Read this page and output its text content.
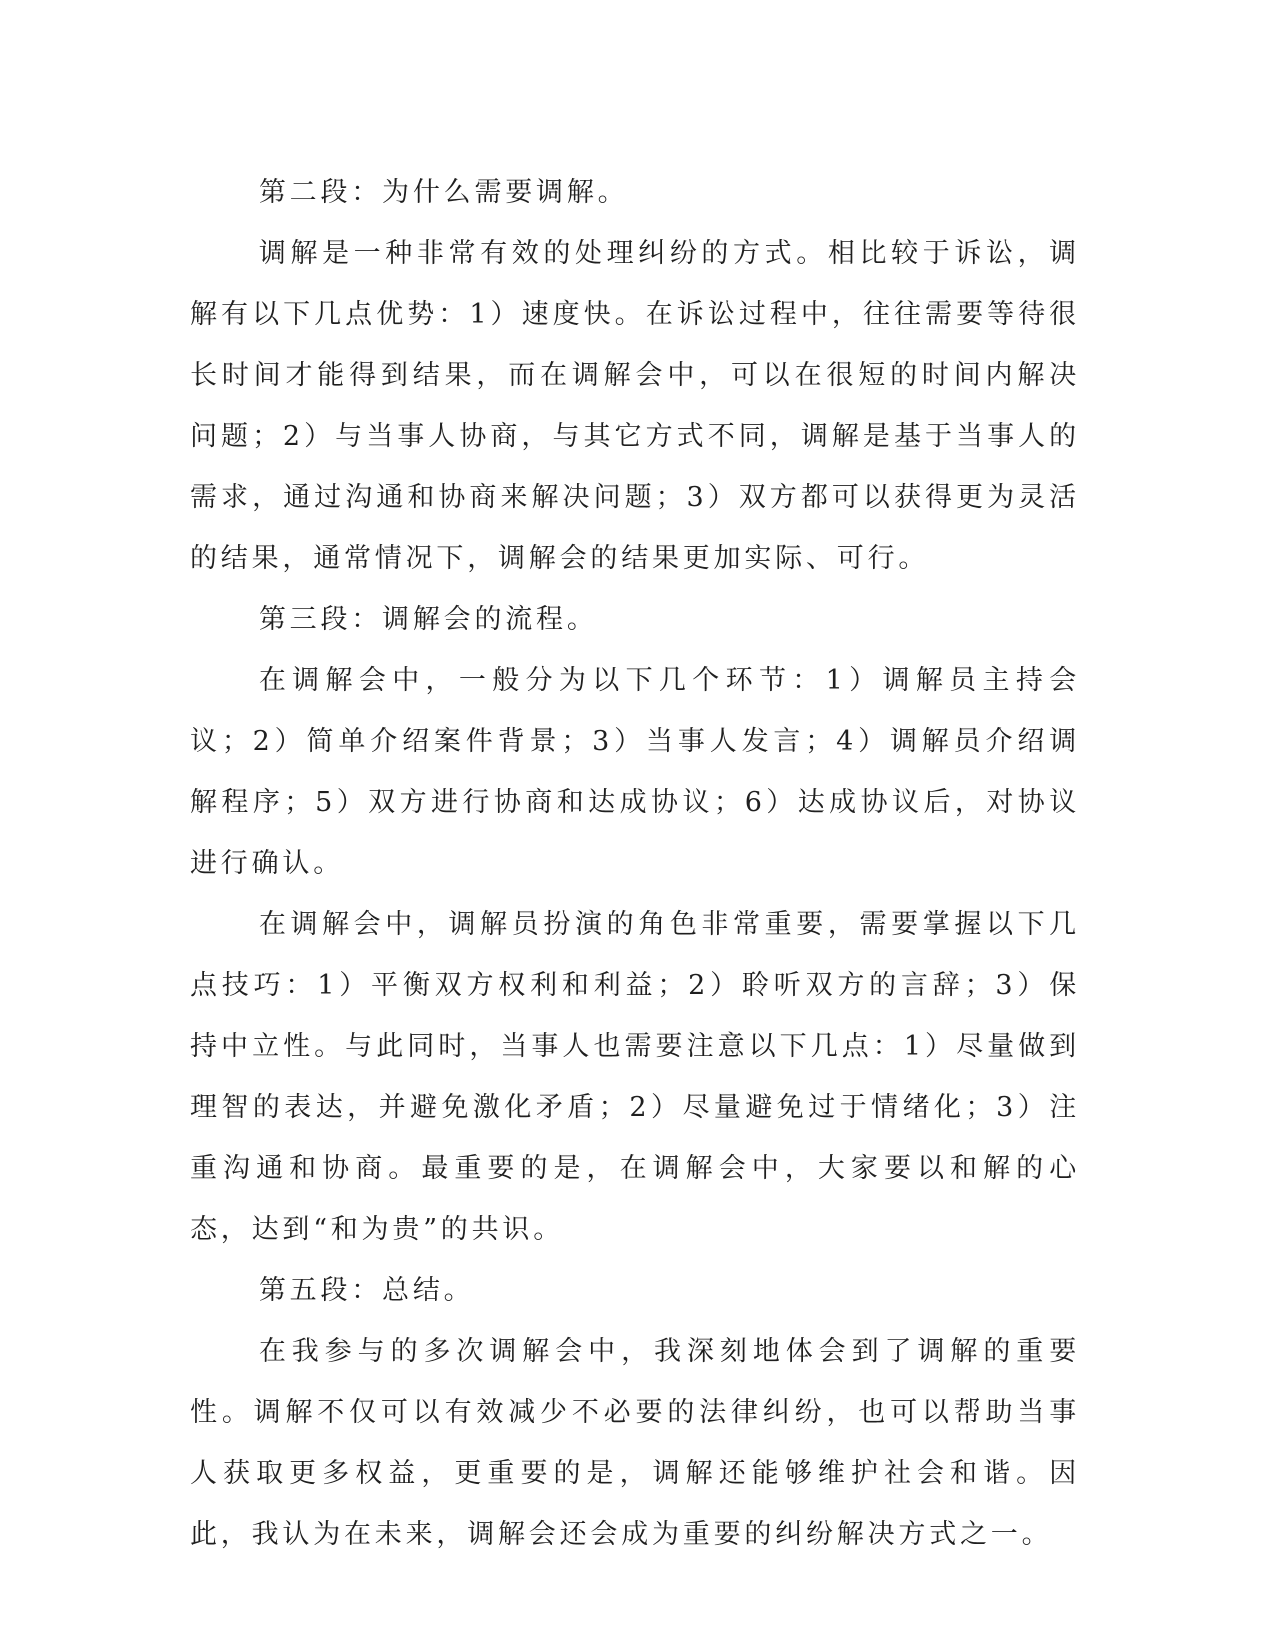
第二段：为什么需要调解。

调解是一种非常有效的处理纠纷的方式。相比较于诉讼，调解有以下几点优势：1）速度快。在诉讼过程中，往往需要等待很长时间才能得到结果，而在调解会中，可以在很短的时间内解决问题；2）与当事人协商，与其它方式不同，调解是基于当事人的需求，通过沟通和协商来解决问题；3）双方都可以获得更为灵活的结果，通常情况下，调解会的结果更加实际、可行。

第三段：调解会的流程。

在调解会中，一般分为以下几个环节：1）调解员主持会议；2）简单介绍案件背景；3）当事人发言；4）调解员介绍调解程序；5）双方进行协商和达成协议；6）达成协议后，对协议进行确认。

在调解会中，调解员扮演的角色非常重要，需要掌握以下几点技巧：1）平衡双方权利和利益；2）聆听双方的言辞；3）保持中立性。与此同时，当事人也需要注意以下几点：1）尽量做到理智的表达，并避免激化矛盾；2）尽量避免过于情绪化；3）注重沟通和协商。最重要的是，在调解会中，大家要以和解的心态，达到“和为贵”的共识。

第五段：总结。

在我参与的多次调解会中，我深刻地体会到了调解的重要性。调解不仅可以有效减少不必要的法律纠纷，也可以帮助当事人获取更多权益，更重要的是，调解还能够维护社会和谐。因此，我认为在未来，调解会还会成为重要的纠纷解决方式之一。
